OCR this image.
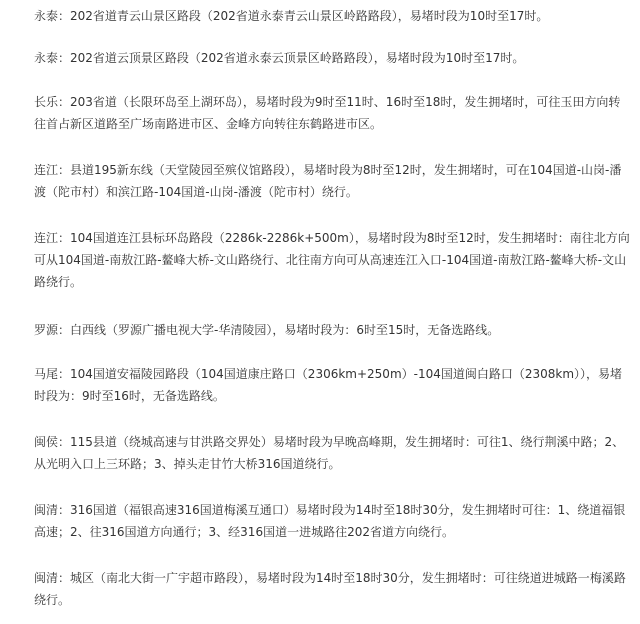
永泰：202省道青云山景区路段（202省道永泰青云山景区岭路路段），易堵时段为10时至17时。

永泰：202省道云顶景区路段（202省道永泰云顶景区岭路路段），易堵时段为10时至17时。

长乐：203省道（长限环岛至上湖环岛），易堵时段为9时至11时、16时至18时，发生拥堵时，可往玉田方向转往首占新区道路至广场南路进市区、金峰方向转往东鹤路进市区。

连江：县道195新东线（天堂陵园至殡仪馆路段），易堵时段为8时至12时，发生拥堵时，可在104国道-山岗-潘渡（陀市村）和滨江路-104国道-山岗-潘渡（陀市村）绕行。

连江：104国道连江县标环岛路段（2286k-2286k+500m），易堵时段为8时至12时，发生拥堵时：南往北方向可从104国道-南敖江路-鳌峰大桥-文山路绕行、北往南方向可从高速连江入口-104国道-南敖江路-鳌峰大桥-文山路绕行。

罗源：白西线（罗源广播电视大学-华清陵园），易堵时段为：6时至15时，无备选路线。

马尾：104国道安福陵园路段（104国道康庄路口（2306km+250m）-104国道闽白路口（2308km）），易堵时段为：9时至16时，无备选路线。

闽侯：115县道（绕城高速与甘洪路交界处）易堵时段为早晚高峰期，发生拥堵时：可往1、绕行荆溪中路；2、从光明入口上三环路；3、掉头走甘竹大桥316国道绕行。

闽清：316国道（福银高速316国道梅溪互通口）易堵时段为14时至18时30分，发生拥堵时可往：1、绕道福银高速；2、往316国道方向通行；3、经316国道一进城路往202省道方向绕行。

闽清：城区（南北大街一广宇超市路段），易堵时段为14时至18时30分，发生拥堵时：可往绕道进城路一梅溪路绕行。
